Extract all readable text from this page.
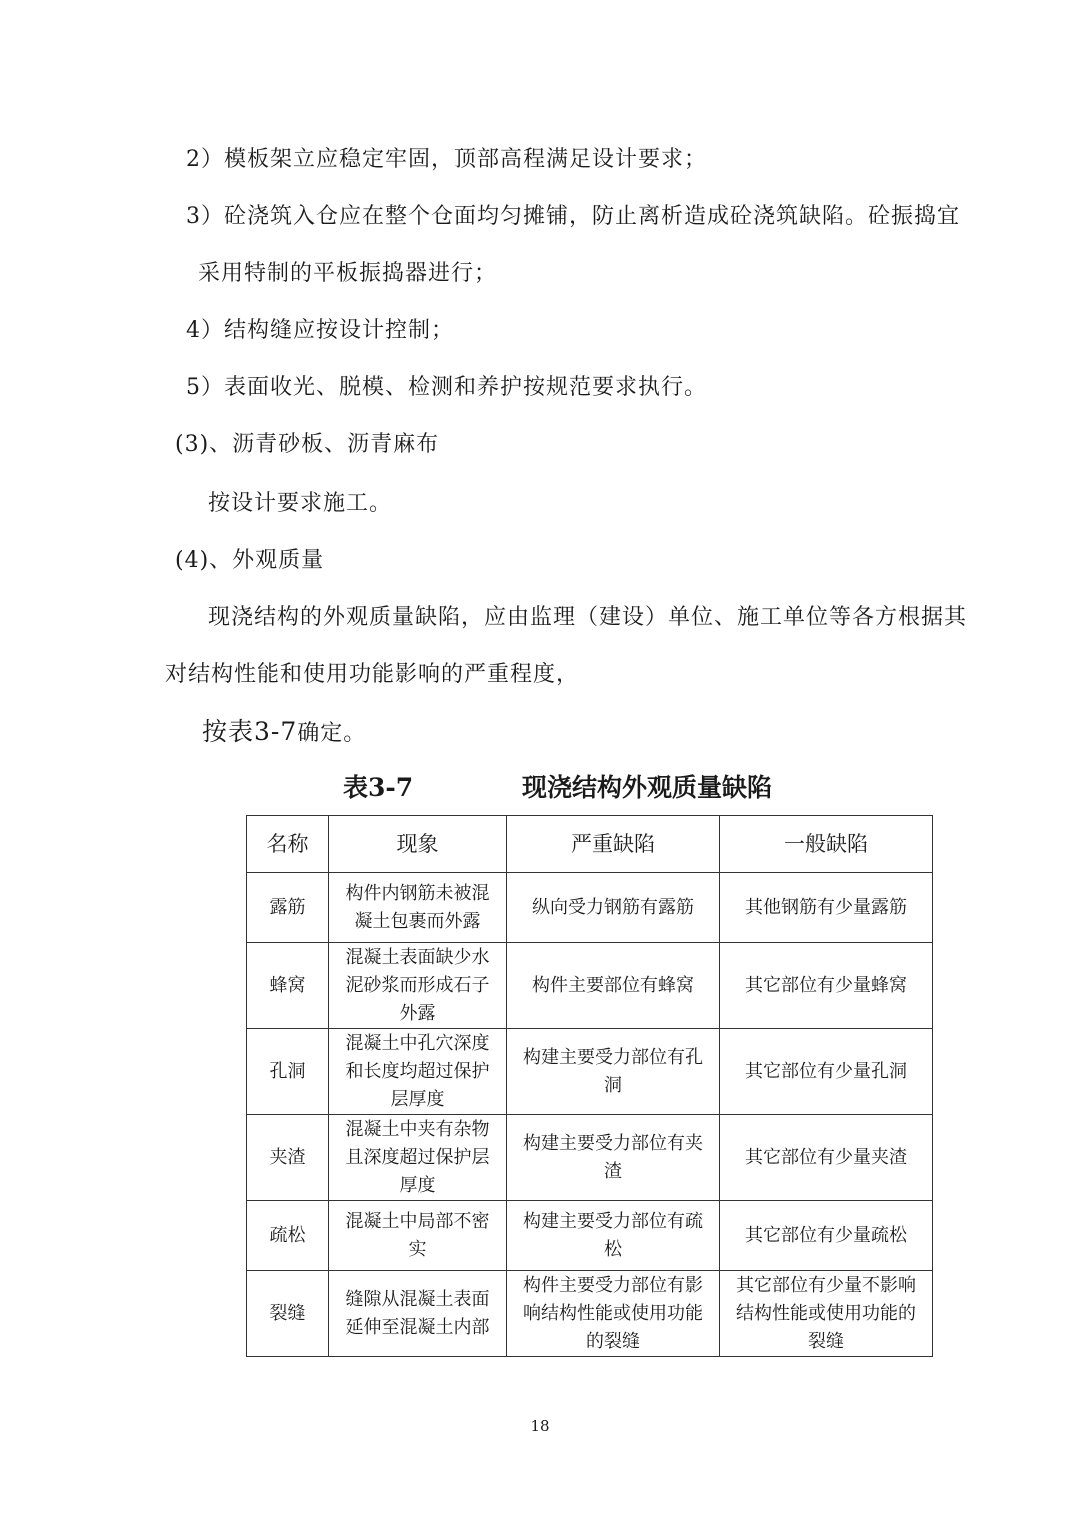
2）模板架立应稳定牢固，顶部高程满足设计要求；
3）砼浇筑入仓应在整个仓面均匀摊铺，防止离析造成砼浇筑缺陷。砼振捣宜
采用特制的平板振捣器进行；
4）结构缝应按设计控制；
5）表面收光、脱模、检测和养护按规范要求执行。
(3)、沥青砂板、沥青麻布
按设计要求施工。
(4)、外观质量
现浇结构的外观质量缺陷，应由监理（建设）单位、施工单位等各方根据其
对结构性能和使用功能影响的严重程度，
按表3-7确定。
表3-7	现浇结构外观质量缺陷
名称	现象	严重缺陷	一般缺陷
露筋	构件内钢筋未被混凝土包裹而外露	纵向受力钢筋有露筋	其他钢筋有少量露筋
蜂窝	混凝土表面缺少水泥砂浆而形成石子外露	构件主要部位有蜂窝	其它部位有少量蜂窝
孔洞	混凝土中孔穴深度和长度均超过保护层厚度	构建主要受力部位有孔洞	其它部位有少量孔洞
夹渣	混凝土中夹有杂物且深度超过保护层厚度	构建主要受力部位有夹渣	其它部位有少量夹渣
疏松	混凝土中局部不密实	构建主要受力部位有疏松	其它部位有少量疏松
裂缝	缝隙从混凝土表面延伸至混凝土内部	构件主要受力部位有影响结构性能或使用功能的裂缝	其它部位有少量不影响结构性能或使用功能的裂缝
18
